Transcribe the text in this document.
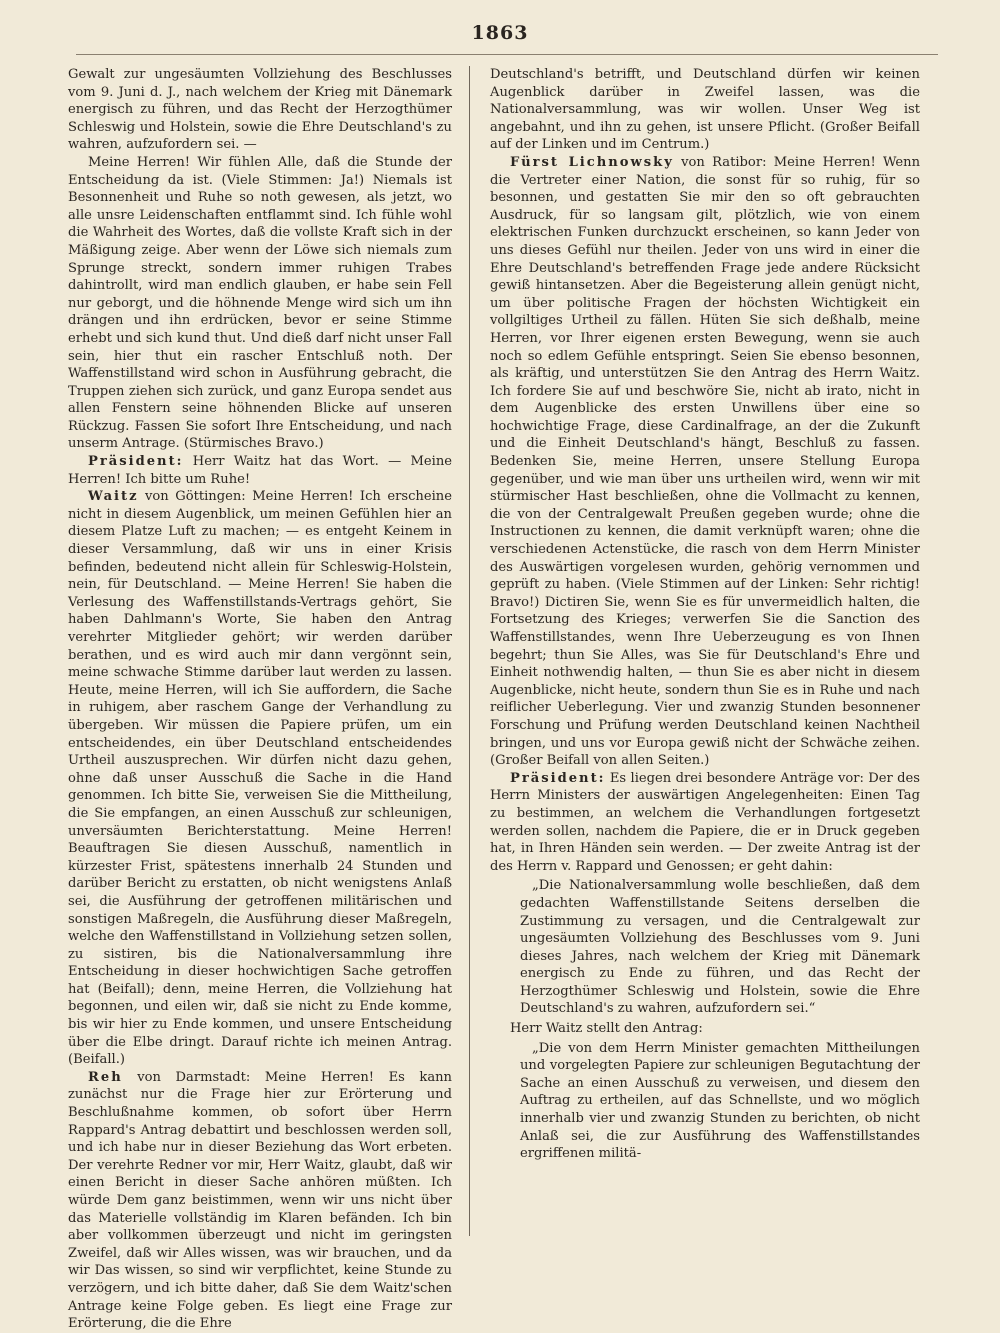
1863

Gewalt zur ungesäumten Vollziehung des Beschlusses vom 9. Juni d. J., nach welchem der Krieg mit Dänemark energisch zu führen, und das Recht der Herzogthümer Schleswig und Holstein, sowie die Ehre Deutschland's zu wahren, aufzufordern sei. —

Meine Herren! Wir fühlen Alle, daß die Stunde der Entscheidung da ist. (Viele Stimmen: Ja!) Niemals ist Besonnenheit und Ruhe so noth gewesen, als jetzt, wo alle unsre Leidenschaften entflammt sind. Ich fühle wohl die Wahrheit des Wortes, daß die vollste Kraft sich in der Mäßigung zeige. Aber wenn der Löwe sich niemals zum Sprunge streckt, sondern immer ruhigen Trabes dahintrollt, wird man endlich glauben, er habe sein Fell nur geborgt, und die höhnende Menge wird sich um ihn drängen und ihn erdrücken, bevor er seine Stimme erhebt und sich kund thut. Und dieß darf nicht unser Fall sein, hier thut ein rascher Entschluß noth. Der Waffenstillstand wird schon in Ausführung gebracht, die Truppen ziehen sich zurück, und ganz Europa sendet aus allen Fenstern seine höhnenden Blicke auf unseren Rückzug. Fassen Sie sofort Ihre Entscheidung, und nach unserm Antrage. (Stürmisches Bravo.)

Präsident: Herr Waitz hat das Wort. — Meine Herren! Ich bitte um Ruhe!

Waitz von Göttingen: Meine Herren! Ich erscheine nicht in diesem Augenblick, um meinen Gefühlen hier an diesem Platze Luft zu machen; — es entgeht Keinem in dieser Versammlung, daß wir uns in einer Krisis befinden, bedeutend nicht allein für Schleswig-Holstein, nein, für Deutschland. — Meine Herren! Sie haben die Verlesung des Waffenstillstands-Vertrags gehört, Sie haben Dahlmann's Worte, Sie haben den Antrag verehrter Mitglieder gehört; wir werden darüber berathen, und es wird auch mir dann vergönnt sein, meine schwache Stimme darüber laut werden zu lassen. Heute, meine Herren, will ich Sie auffordern, die Sache in ruhigem, aber raschem Gange der Verhandlung zu übergeben. Wir müssen die Papiere prüfen, um ein entscheidendes, ein über Deutschland entscheidendes Urtheil auszusprechen. Wir dürfen nicht dazu gehen, ohne daß unser Ausschuß die Sache in die Hand genommen. Ich bitte Sie, verweisen Sie die Mittheilung, die Sie empfangen, an einen Ausschuß zur schleunigen, unversäumten Berichterstattung. Meine Herren! Beauftragen Sie diesen Ausschuß, namentlich in kürzester Frist, spätestens innerhalb 24 Stunden und darüber Bericht zu erstatten, ob nicht wenigstens Anlaß sei, die Ausführung der getroffenen militärischen und sonstigen Maßregeln, die Ausführung dieser Maßregeln, welche den Waffenstillstand in Vollziehung setzen sollen, zu sistiren, bis die Nationalversammlung ihre Entscheidung in dieser hochwichtigen Sache getroffen hat (Beifall); denn, meine Herren, die Vollziehung hat begonnen, und eilen wir, daß sie nicht zu Ende komme, bis wir hier zu Ende kommen, und unsere Entscheidung über die Elbe dringt. Darauf richte ich meinen Antrag. (Beifall.)

Reh von Darmstadt: Meine Herren! Es kann zunächst nur die Frage hier zur Erörterung und Beschlußnahme kommen, ob sofort über Herrn Rappard's Antrag debattirt und beschlossen werden soll, und ich habe nur in dieser Beziehung das Wort erbeten. Der verehrte Redner vor mir, Herr Waitz, glaubt, daß wir einen Bericht in dieser Sache anhören müßten. Ich würde Dem ganz beistimmen, wenn wir uns nicht über das Materielle vollständig im Klaren befänden. Ich bin aber vollkommen überzeugt und nicht im geringsten Zweifel, daß wir Alles wissen, was wir brauchen, und da wir Das wissen, so sind wir verpflichtet, keine Stunde zu verzögern, und ich bitte daher, daß Sie dem Waitz'schen Antrage keine Folge geben. Es liegt eine Frage zur Erörterung, die die Ehre

Deutschland's betrifft, und Deutschland dürfen wir keinen Augenblick darüber in Zweifel lassen, was die Nationalversammlung, was wir wollen. Unser Weg ist angebahnt, und ihn zu gehen, ist unsere Pflicht. (Großer Beifall auf der Linken und im Centrum.)

Fürst Lichnowsky von Ratibor: Meine Herren! Wenn die Vertreter einer Nation, die sonst für so ruhig, für so besonnen, und gestatten Sie mir den so oft gebrauchten Ausdruck, für so langsam gilt, plötzlich, wie von einem elektrischen Funken durchzuckt erscheinen, so kann Jeder von uns dieses Gefühl nur theilen. Jeder von uns wird in einer die Ehre Deutschland's betreffenden Frage jede andere Rücksicht gewiß hintansetzen. Aber die Begeisterung allein genügt nicht, um über politische Fragen der höchsten Wichtigkeit ein vollgiltiges Urtheil zu fällen. Hüten Sie sich deßhalb, meine Herren, vor Ihrer eigenen ersten Bewegung, wenn sie auch noch so edlem Gefühle entspringt. Seien Sie ebenso besonnen, als kräftig, und unterstützen Sie den Antrag des Herrn Waitz. Ich fordere Sie auf und beschwöre Sie, nicht ab irato, nicht in dem Augenblicke des ersten Unwillens über eine so hochwichtige Frage, diese Cardinalfrage, an der die Zukunft und die Einheit Deutschland's hängt, Beschluß zu fassen. Bedenken Sie, meine Herren, unsere Stellung Europa gegenüber, und wie man über uns urtheilen wird, wenn wir mit stürmischer Hast beschließen, ohne die Vollmacht zu kennen, die von der Centralgewalt Preußen gegeben wurde; ohne die Instructionen zu kennen, die damit verknüpft waren; ohne die verschiedenen Actenstücke, die rasch von dem Herrn Minister des Auswärtigen vorgelesen wurden, gehörig vernommen und geprüft zu haben. (Viele Stimmen auf der Linken: Sehr richtig! Bravo!) Dictiren Sie, wenn Sie es für unvermeidlich halten, die Fortsetzung des Krieges; verwerfen Sie die Sanction des Waffenstillstandes, wenn Ihre Ueberzeugung es von Ihnen begehrt; thun Sie Alles, was Sie für Deutschland's Ehre und Einheit nothwendig halten, — thun Sie es aber nicht in diesem Augenblicke, nicht heute, sondern thun Sie es in Ruhe und nach reiflicher Ueberlegung. Vier und zwanzig Stunden besonnener Forschung und Prüfung werden Deutschland keinen Nachtheil bringen, und uns vor Europa gewiß nicht der Schwäche zeihen. (Großer Beifall von allen Seiten.)

Präsident: Es liegen drei besondere Anträge vor: Der des Herrn Ministers der auswärtigen Angelegenheiten: Einen Tag zu bestimmen, an welchem die Verhandlungen fortgesetzt werden sollen, nachdem die Papiere, die er in Druck gegeben hat, in Ihren Händen sein werden. — Der zweite Antrag ist der des Herrn v. Rappard und Genossen; er geht dahin:

„Die Nationalversammlung wolle beschließen, daß dem gedachten Waffenstillstande Seitens derselben die Zustimmung zu versagen, und die Centralgewalt zur ungesäumten Vollziehung des Beschlusses vom 9. Juni dieses Jahres, nach welchem der Krieg mit Dänemark energisch zu Ende zu führen, und das Recht der Herzogthümer Schleswig und Holstein, sowie die Ehre Deutschland's zu wahren, aufzufordern sei.“

Herr Waitz stellt den Antrag:

„Die von dem Herrn Minister gemachten Mittheilungen und vorgelegten Papiere zur schleunigen Begutachtung der Sache an einen Ausschuß zu verweisen, und diesem den Auftrag zu ertheilen, auf das Schnellste, und wo möglich innerhalb vier und zwanzig Stunden zu berichten, ob nicht Anlaß sei, die zur Ausführung des Waffenstillstandes ergriffenen militä-
